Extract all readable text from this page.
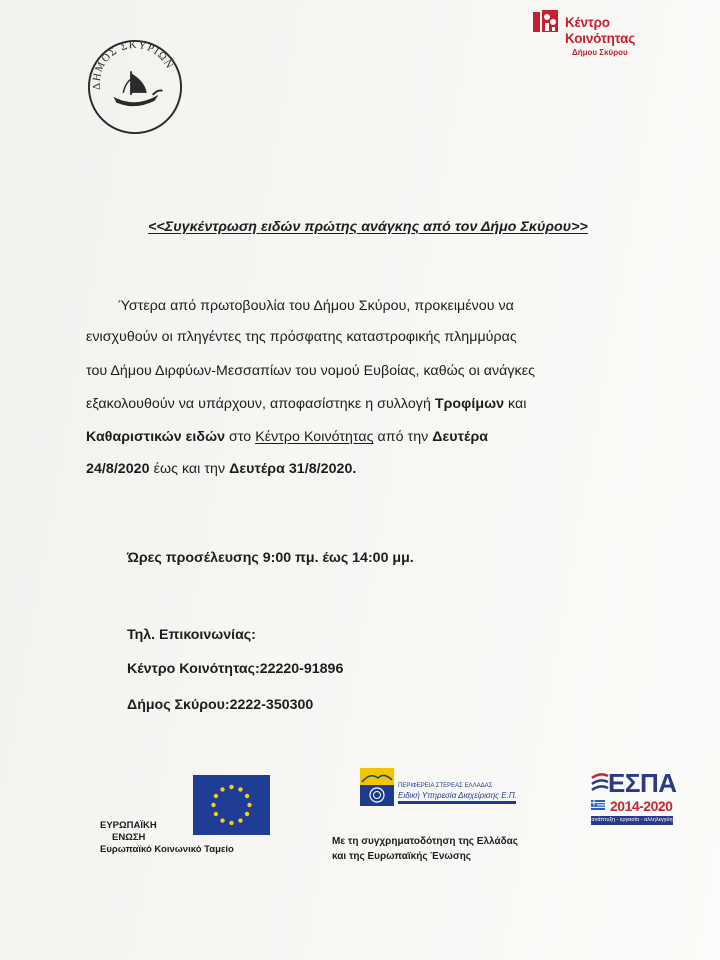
ΔΗΜΟΣ ΣΚΥΡΙΩΝ
Κέντρο
Κοινότητας
Δήμου Σκύρου
<<Συγκέντρωση ειδών πρώτης ανάγκης από τον Δήμο Σκύρου>>
Ύστερα από πρωτοβουλία του Δήμου Σκύρου, προκειμένου να
ενισχυθούν οι πληγέντες της πρόσφατης καταστροφικής πλημμύρας
του Δήμου Διρφύων-Μεσσαπίων του νομού Ευβοίας, καθώς οι ανάγκες
εξακολουθούν να υπάρχουν, αποφασίστηκε η συλλογή Τροφίμων και
Καθαριστικών ειδών στο Κέντρο Κοινότητας από την Δευτέρα
24/8/2020 έως και την Δευτέρα 31/8/2020.
Ώρες προσέλευσης 9:00 πμ. έως 14:00 μμ.
Τηλ. Επικοινωνίας:
Κέντρο Κοινότητας:22220-91896
Δήμος Σκύρου:2222-350300
ΕΥΡΩΠΑΪΚΗ
ΕΝΩΣΗ
Ευρωπαϊκό Κοινωνικό Ταμείο
ΠΕΡΙΦΕΡΕΙΑ ΣΤΕΡΕΑΣ ΕΛΛΑΔΑΣ
Ειδική Υπηρεσία Διαχείρισης Ε.Π.
Με τη συγχρηματοδότηση της Ελλάδας
και της Ευρωπαϊκής Ένωσης
ΕΣΠΑ
2014-2020
ανάπτυξη - εργασία - αλληλεγγύη
